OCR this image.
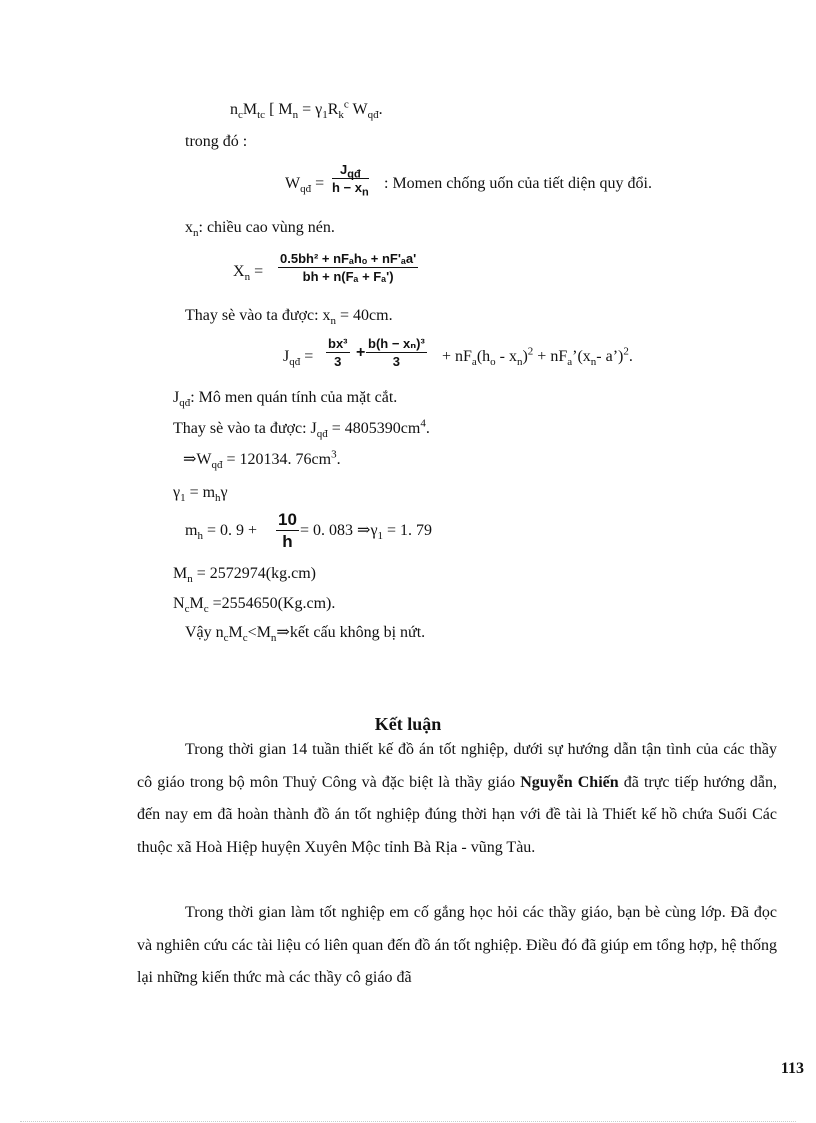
$n_cM_{tc}$ [ $M_n = \gamma_1R_k^c$ $W_{qđ}$.
trong đó :
$W_{qđ}$ =
$J_{qđ}$
$h - x_n$
: Momen chống uốn của tiết diện quy đổi.
$x_n$: chiều cao vùng nén.
$X_n$ =
0.5bh² + nFₐhₒ + nF'ₐa'
bh + n(Fₐ + Fₐ')
Thay sè vào ta được: $x_n = 40cm$.
$J_{qđ} = \frac{\text{bx³}}{3} + \frac{\text{b(h − xₙ)³}}{3} + nF_a(h_o - x_n)^2$ + $nF_a’(x_n-$ a’)$^2$.
$J_{qđ}$: Mô men quán tính của mặt cắt.
Thay sè vào ta được: $J_{qđ} = 4805390cm^4$.
$\Rightarrow W_{qđ} = 120134$. $76cm^3$.
$\gamma_1 = m_h\gamma$
$m_h = 0$. $9 + \frac{10}{h} = 0$. 083 $\Rightarrow\gamma_1 = 1$. 79
$M_n = 2572974(kg.cm)$
$N_cM_c =2554650(Kg.cm)$.
Vậy $n_cM_c<M_n\Rightarrow kết$ cấu không bị nứt.
Kết luận

Trong thời gian 14 tuần thiết kế đồ án tốt nghiệp, dưới sự hướng dẫn tận tình của các thầy cô giáo trong bộ môn Thuỷ Công và đặc biệt là thầy giáo Nguyễn Chiến đã trực tiếp hướng dẫn, đến nay em đã hoàn thành đồ án tốt nghiệp đúng thời hạn với đề tài là Thiết kế hồ chứa Suối Các thuộc xã Hoà Hiệp huyện Xuyên Mộc tỉnh Bà Rịa - vũng Tàu.

Trong thời gian làm tốt nghiệp em cố gắng học hỏi các thầy giáo, bạn bè cùng lớp. Đã đọc và nghiên cứu các tài liệu có liên quan đến đồ án tốt nghiệp. Điều đó đã giúp em tổng hợp, hệ thống lại những kiến thức mà các thầy cô giáo đã

113
